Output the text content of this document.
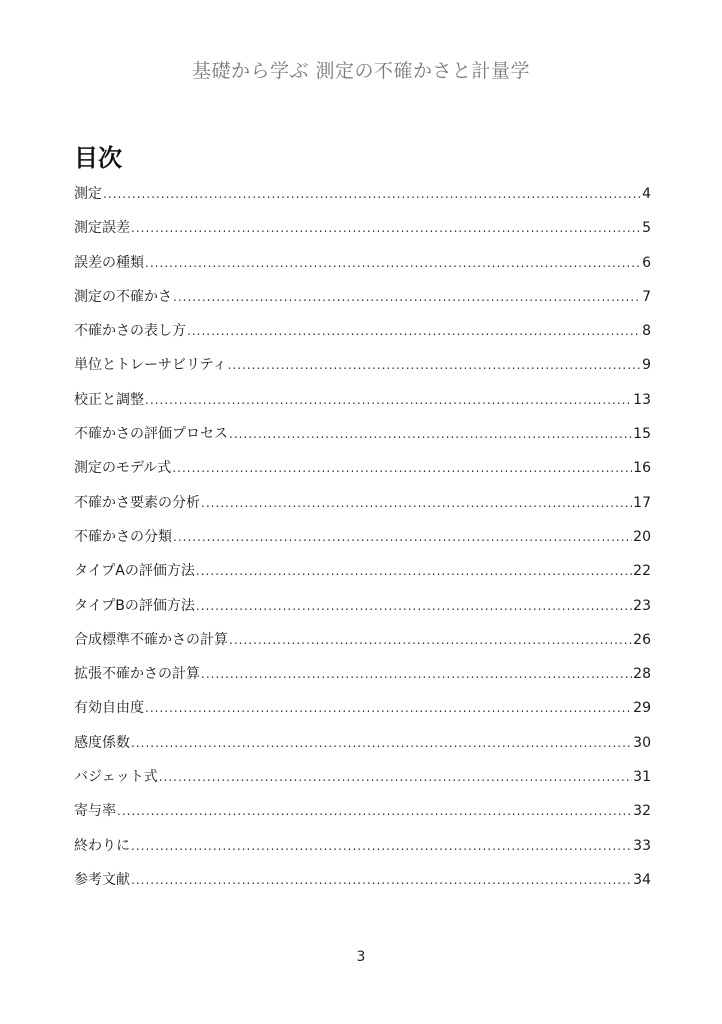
基礎から学ぶ 測定の不確かさと計量学
目次
測定 .....	4
測定誤差 .....	5
誤差の種類 .....	6
測定の不確かさ .....	7
不確かさの表し方 .....	8
単位とトレーサビリティ .....	9
校正と調整 .....	13
不確かさの評価プロセス .....	15
測定のモデル式 .....	16
不確かさ要素の分析 .....	17
不確かさの分類 .....	20
タイプAの評価方法 .....	22
タイプBの評価方法 .....	23
合成標準不確かさの計算 .....	26
拡張不確かさの計算 .....	28
有効自由度 .....	29
感度係数 .....	30
バジェット式 .....	31
寄与率 .....	32
終わりに .....	33
参考文献 .....	34
3
